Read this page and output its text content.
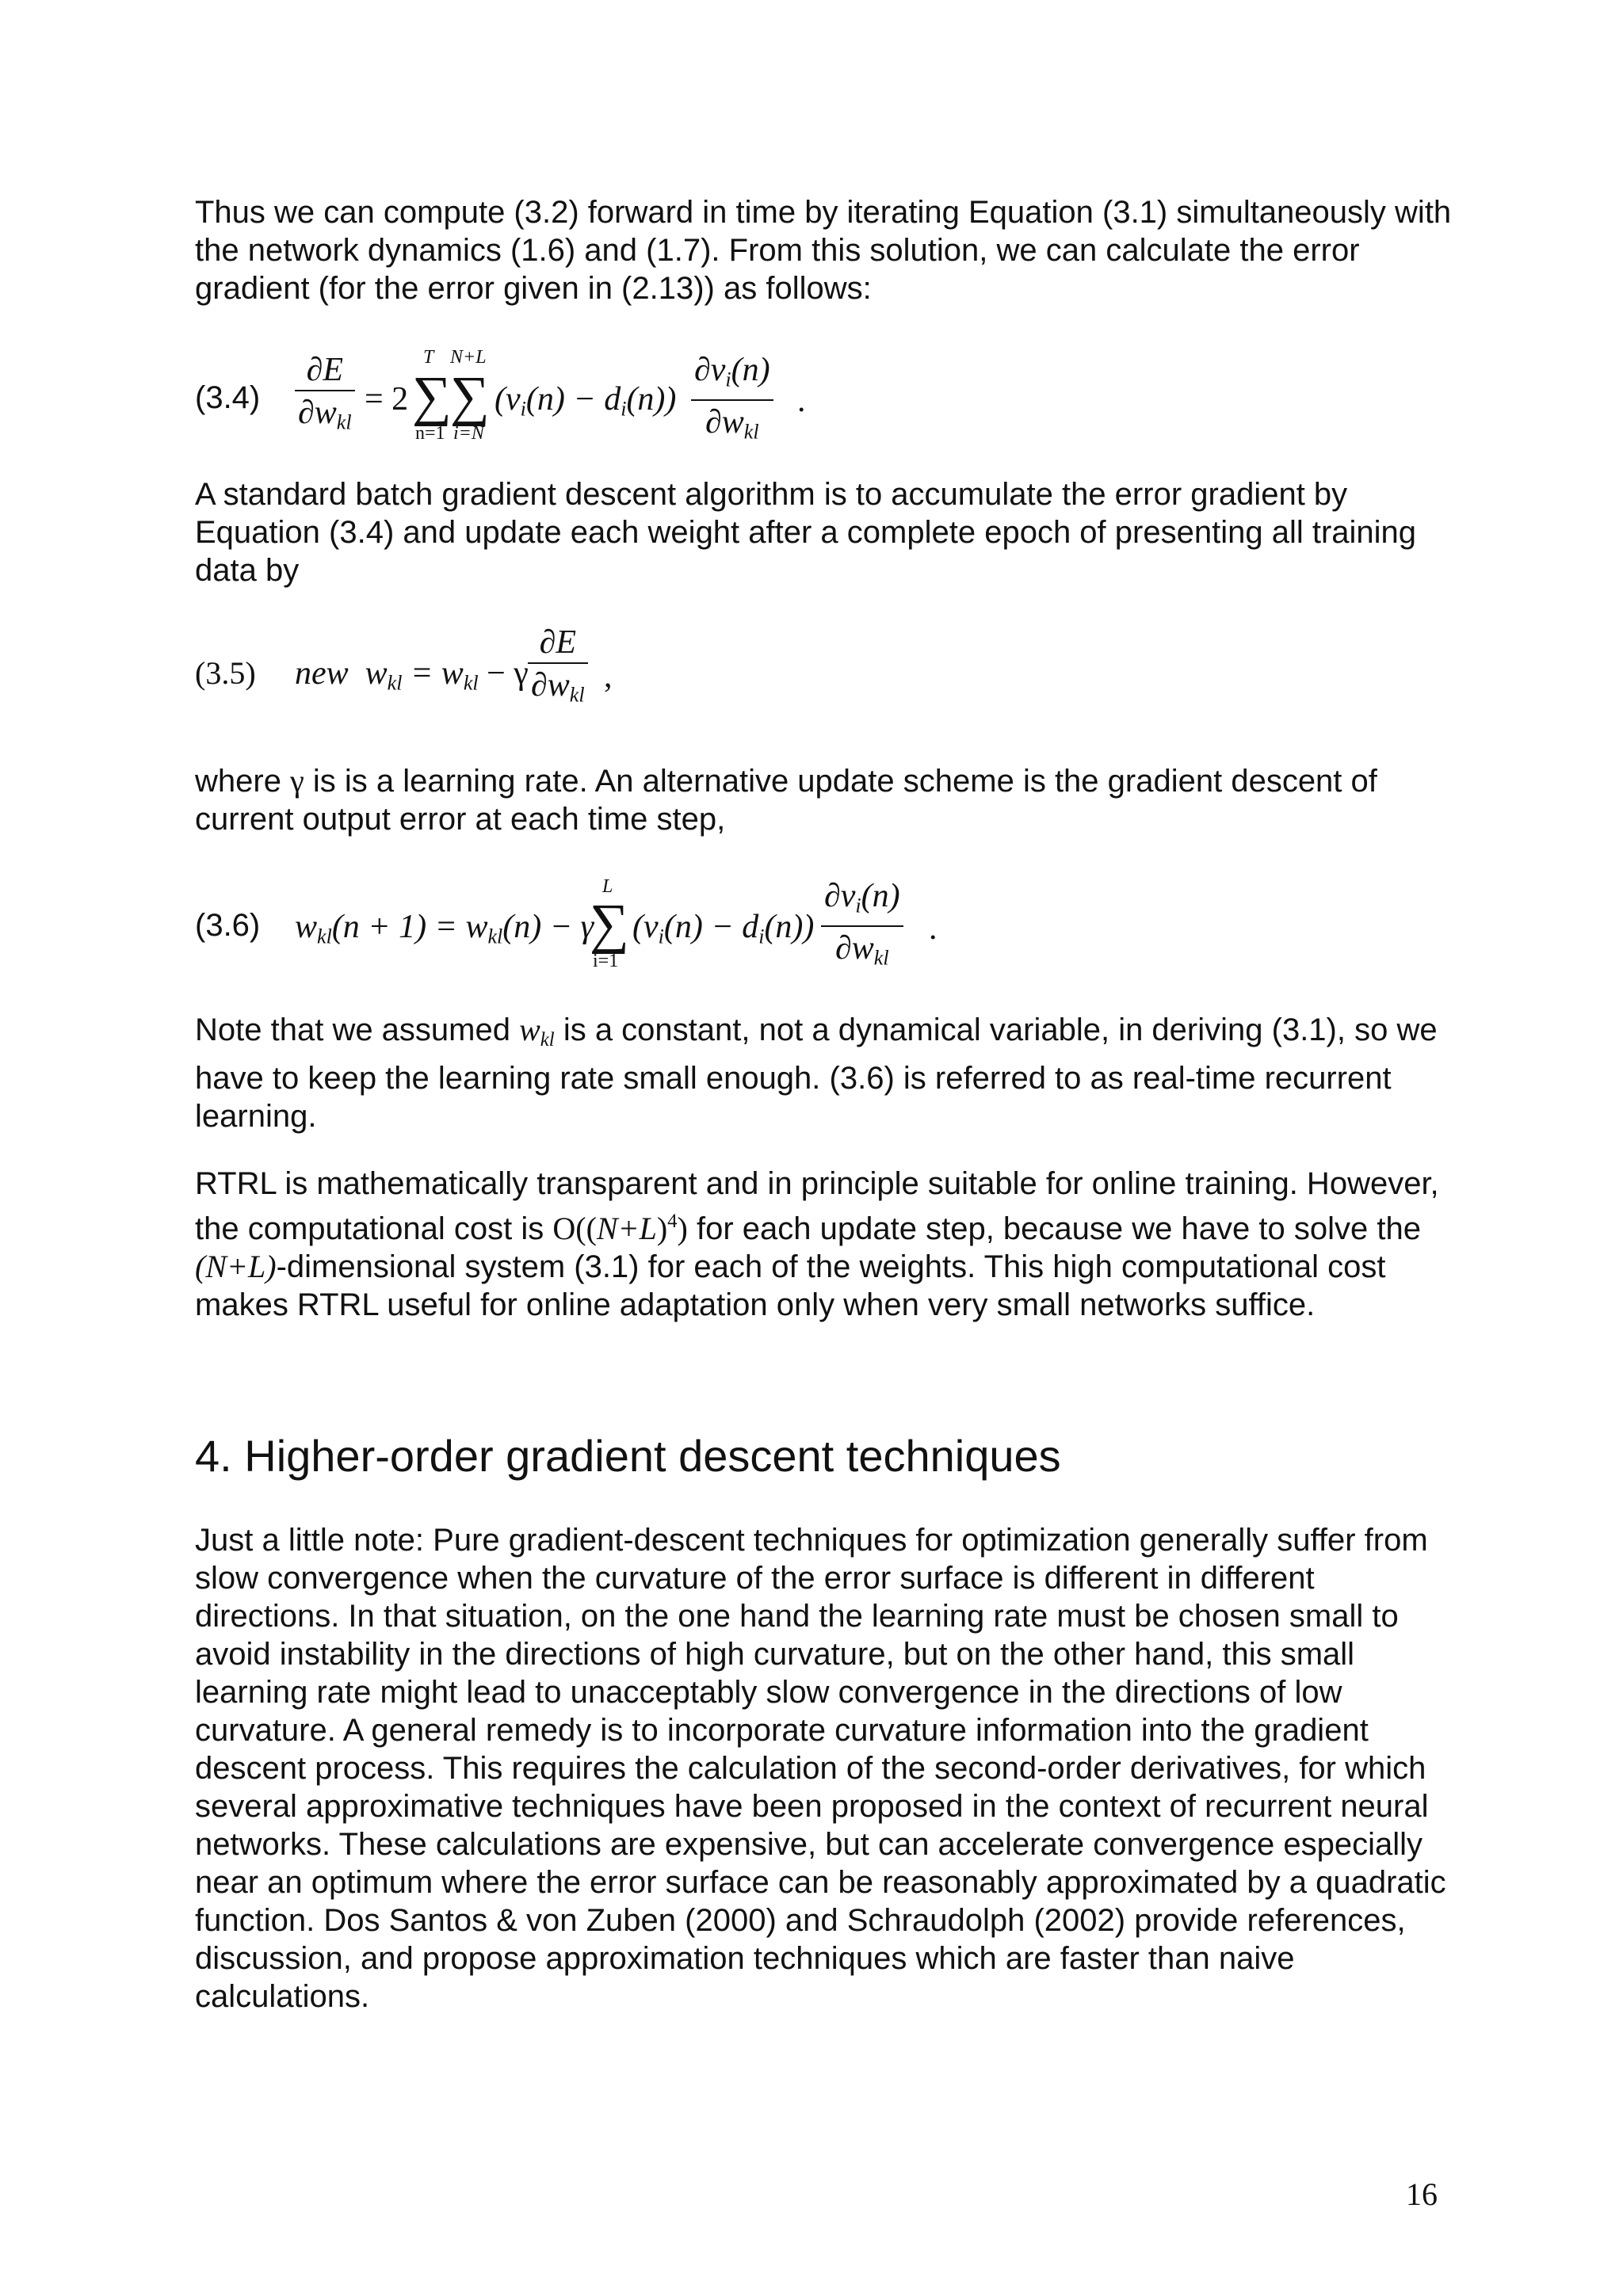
Thus we can compute (3.2) forward in time by iterating Equation (3.1) simultaneously with the network dynamics (1.6) and (1.7). From this solution, we can calculate the error gradient (for the error given in (2.13)) as follows:

(3.4)
∂E
$\partial w_{kl}$
= 2
T
∑
n=1
N+L
∑
i=N
$(v_i(n) - d_i(n))$
$\partial v_i(n)$
$\partial w_{kl}$
.

A standard batch gradient descent algorithm is to accumulate the error gradient by Equation (3.4) and update each weight after a complete epoch of presenting all training data by

(3.5) new $w_{kl} = w_{kl} - \gamma$
∂E
$\partial w_{kl}$ ,

where γ is is a learning rate. An alternative update scheme is the gradient descent of current output error at each time step,

(3.6) $w_{kl}(n + 1) = w_{kl}(n) - \gamma$
L
∑
i=1
$(v_i(n) - d_i(n))$
$\partial v_i(n)$
$\partial w_{kl}$
.

Note that we assumed $w_{kl}$ is a constant, not a dynamical variable, in deriving (3.1), so we have to keep the learning rate small enough. (3.6) is referred to as real-time recurrent learning.

RTRL is mathematically transparent and in principle suitable for online training. However, the computational cost is $O((N+L)^4)$ for each update step, because we have to solve the (N+L)-dimensional system (3.1) for each of the weights. This high computational cost makes RTRL useful for online adaptation only when very small networks suffice.

4. Higher-order gradient descent techniques

Just a little note: Pure gradient-descent techniques for optimization generally suffer from slow convergence when the curvature of the error surface is different in different directions. In that situation, on the one hand the learning rate must be chosen small to avoid instability in the directions of high curvature, but on the other hand, this small learning rate might lead to unacceptably slow convergence in the directions of low curvature. A general remedy is to incorporate curvature information into the gradient descent process. This requires the calculation of the second-order derivatives, for which several approximative techniques have been proposed in the context of recurrent neural networks. These calculations are expensive, but can accelerate convergence especially near an optimum where the error surface can be reasonably approximated by a quadratic function. Dos Santos & von Zuben (2000) and Schraudolph (2002) provide references, discussion, and propose approximation techniques which are faster than naive calculations.

16
